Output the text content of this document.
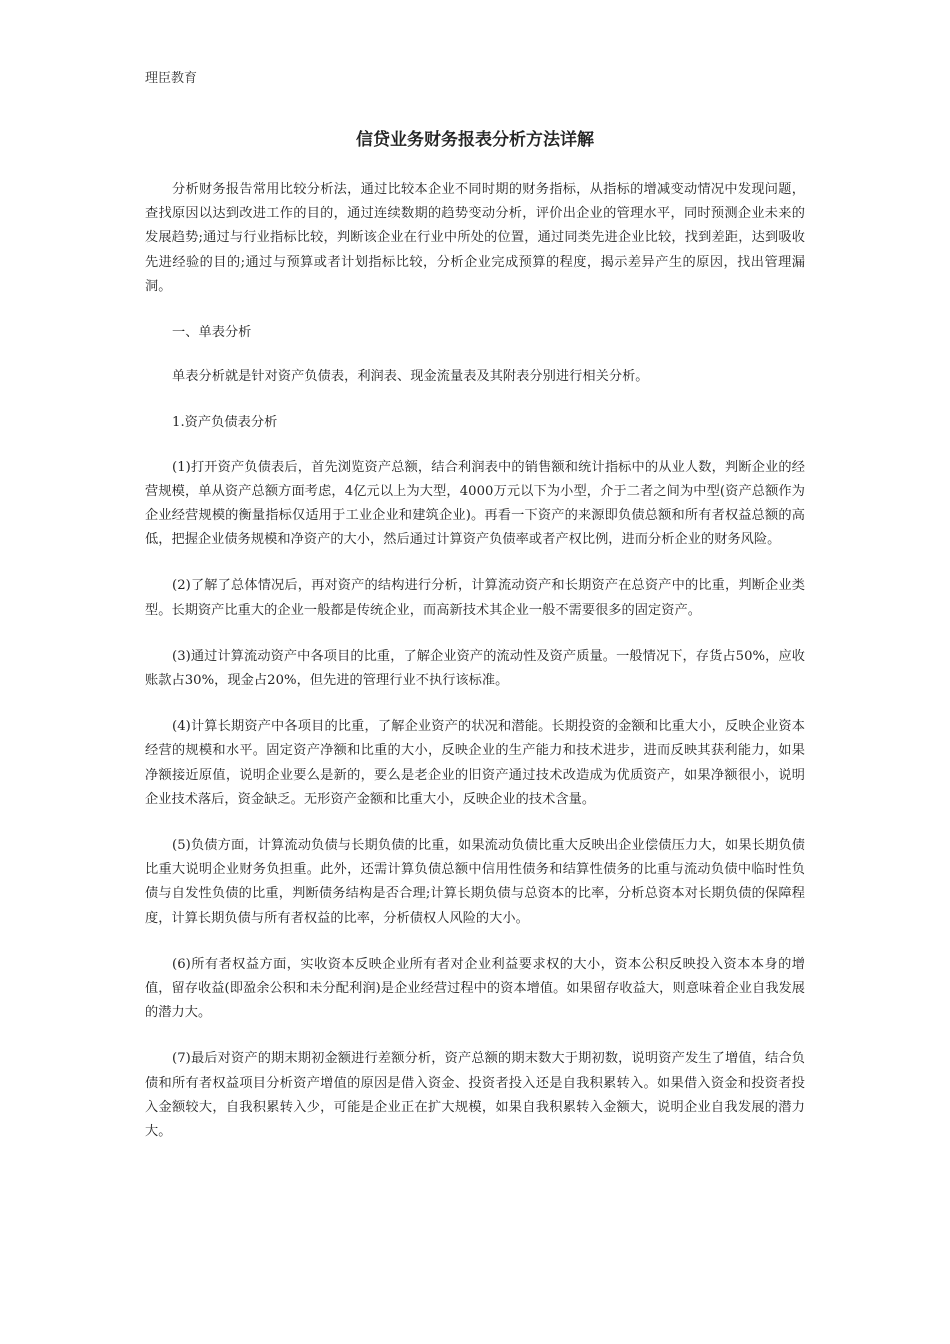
理臣教育
信贷业务财务报表分析方法详解

分析财务报告常用比较分析法，通过比较本企业不同时期的财务指标，从指标的增减变动情况中发现问题，查找原因以达到改进工作的目的，通过连续数期的趋势变动分析，评价出企业的管理水平，同时预测企业未来的发展趋势;通过与行业指标比较，判断该企业在行业中所处的位置，通过同类先进企业比较，找到差距，达到吸收先进经验的目的;通过与预算或者计划指标比较，分析企业完成预算的程度，揭示差异产生的原因，找出管理漏洞。

一、单表分析

单表分析就是针对资产负债表，利润表、现金流量表及其附表分别进行相关分析。

1.资产负债表分析

(1)打开资产负债表后，首先浏览资产总额，结合利润表中的销售额和统计指标中的从业人数，判断企业的经营规模，单从资产总额方面考虑，4亿元以上为大型，4000万元以下为小型，介于二者之间为中型(资产总额作为企业经营规模的衡量指标仅适用于工业企业和建筑企业)。再看一下资产的来源即负债总额和所有者权益总额的高低，把握企业债务规模和净资产的大小，然后通过计算资产负债率或者产权比例，进而分析企业的财务风险。

(2)了解了总体情况后，再对资产的结构进行分析，计算流动资产和长期资产在总资产中的比重，判断企业类型。长期资产比重大的企业一般都是传统企业，而高新技术其企业一般不需要很多的固定资产。

(3)通过计算流动资产中各项目的比重，了解企业资产的流动性及资产质量。一般情况下，存货占50%，应收账款占30%，现金占20%，但先进的管理行业不执行该标准。

(4)计算长期资产中各项目的比重，了解企业资产的状况和潜能。长期投资的金额和比重大小，反映企业资本经营的规模和水平。固定资产净额和比重的大小，反映企业的生产能力和技术进步，进而反映其获利能力，如果净额接近原值，说明企业要么是新的，要么是老企业的旧资产通过技术改造成为优质资产，如果净额很小，说明企业技术落后，资金缺乏。无形资产金额和比重大小，反映企业的技术含量。

(5)负债方面，计算流动负债与长期负债的比重，如果流动负债比重大反映出企业偿债压力大，如果长期负债比重大说明企业财务负担重。此外，还需计算负债总额中信用性债务和结算性债务的比重与流动负债中临时性负债与自发性负债的比重，判断债务结构是否合理;计算长期负债与总资本的比率，分析总资本对长期负债的保障程度，计算长期负债与所有者权益的比率，分析债权人风险的大小。

(6)所有者权益方面，实收资本反映企业所有者对企业利益要求权的大小，资本公积反映投入资本本身的增值，留存收益(即盈余公积和未分配利润)是企业经营过程中的资本增值。如果留存收益大，则意味着企业自我发展的潜力大。

(7)最后对资产的期末期初金额进行差额分析，资产总额的期末数大于期初数，说明资产发生了增值，结合负债和所有者权益项目分析资产增值的原因是借入资金、投资者投入还是自我积累转入。如果借入资金和投资者投入金额较大，自我积累转入少，可能是企业正在扩大规模，如果自我积累转入金额大，说明企业自我发展的潜力大。
